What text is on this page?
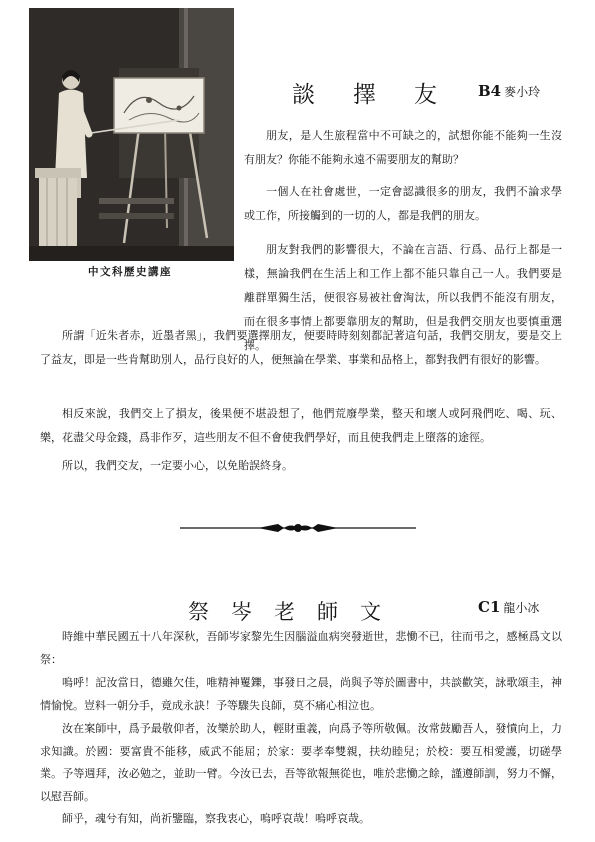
中文科歷史講座
談擇友 B4 麥小玲

朋友，是人生旅程當中不可缺之的，試想你能不能夠一生沒有朋友？你能不能夠永遠不需要朋友的幫助？

一個人在社會處世，一定會認識很多的朋友，我們不論求學或工作，所接觸到的一切的人，都是我們的朋友。

朋友對我們的影響很大，不論在言語、行爲、品行上都是一樣，無論我們在生活上和工作上都不能只靠自己一人。我們要是離群單獨生活，便很容易被社會淘汰，所以我們不能沒有朋友，而在很多事情上都要靠朋友的幫助，但是我們交朋友也要慎重選擇。

所謂「近朱者赤，近墨者黑」，我們要選擇朋友，便要時時刻刻都記著這句話，我們交朋友，要是交上了益友，即是一些肯幫助別人，品行良好的人，便無論在學業、事業和品格上，都對我們有很好的影響。

相反來說，我們交上了損友，後果便不堪設想了，他們荒廢學業，整天和壞人或阿飛們吃、喝、玩、樂，花盡父母金錢，爲非作歹，這些朋友不但不會使我們學好，而且使我們走上墮落的途徑。

所以，我們交友，一定要小心，以免貽誤終身。

祭岑老師文	C1 龍小冰

時維中華民國五十八年深秋，吾師岑家黎先生因腦溢血病突發逝世，悲慟不已，往而弔之，感極爲文以祭：

嗚呼！記汝當日，德雖欠佳，唯精神矍鑠，事發日之晨，尚與予等於圖書中，共談歡笑，詠歌頌圭，神情愉悅。豈料一朝分手，竟成永訣！予等驟失良師，莫不痛心相泣也。

汝在案師中，爲予最敬仰者，汝樂於助人，輕財重義，向爲予等所敬佩。汝常鼓勵吾人，發憤向上，力求知識。於國：要富貴不能移，威武不能屈；於家：要孝奉雙親，扶幼睦兒；於校：要互相愛護，切磋學業。予等週拜，汝必勉之，並助一臂。今汝已去，吾等欲報無從也，唯於悲慟之餘，謹遵師訓，努力不懈，以慰吾師。

師乎，魂兮有知，尚祈鑒臨，察我衷心，嗚呼哀哉！嗚呼哀哉。
